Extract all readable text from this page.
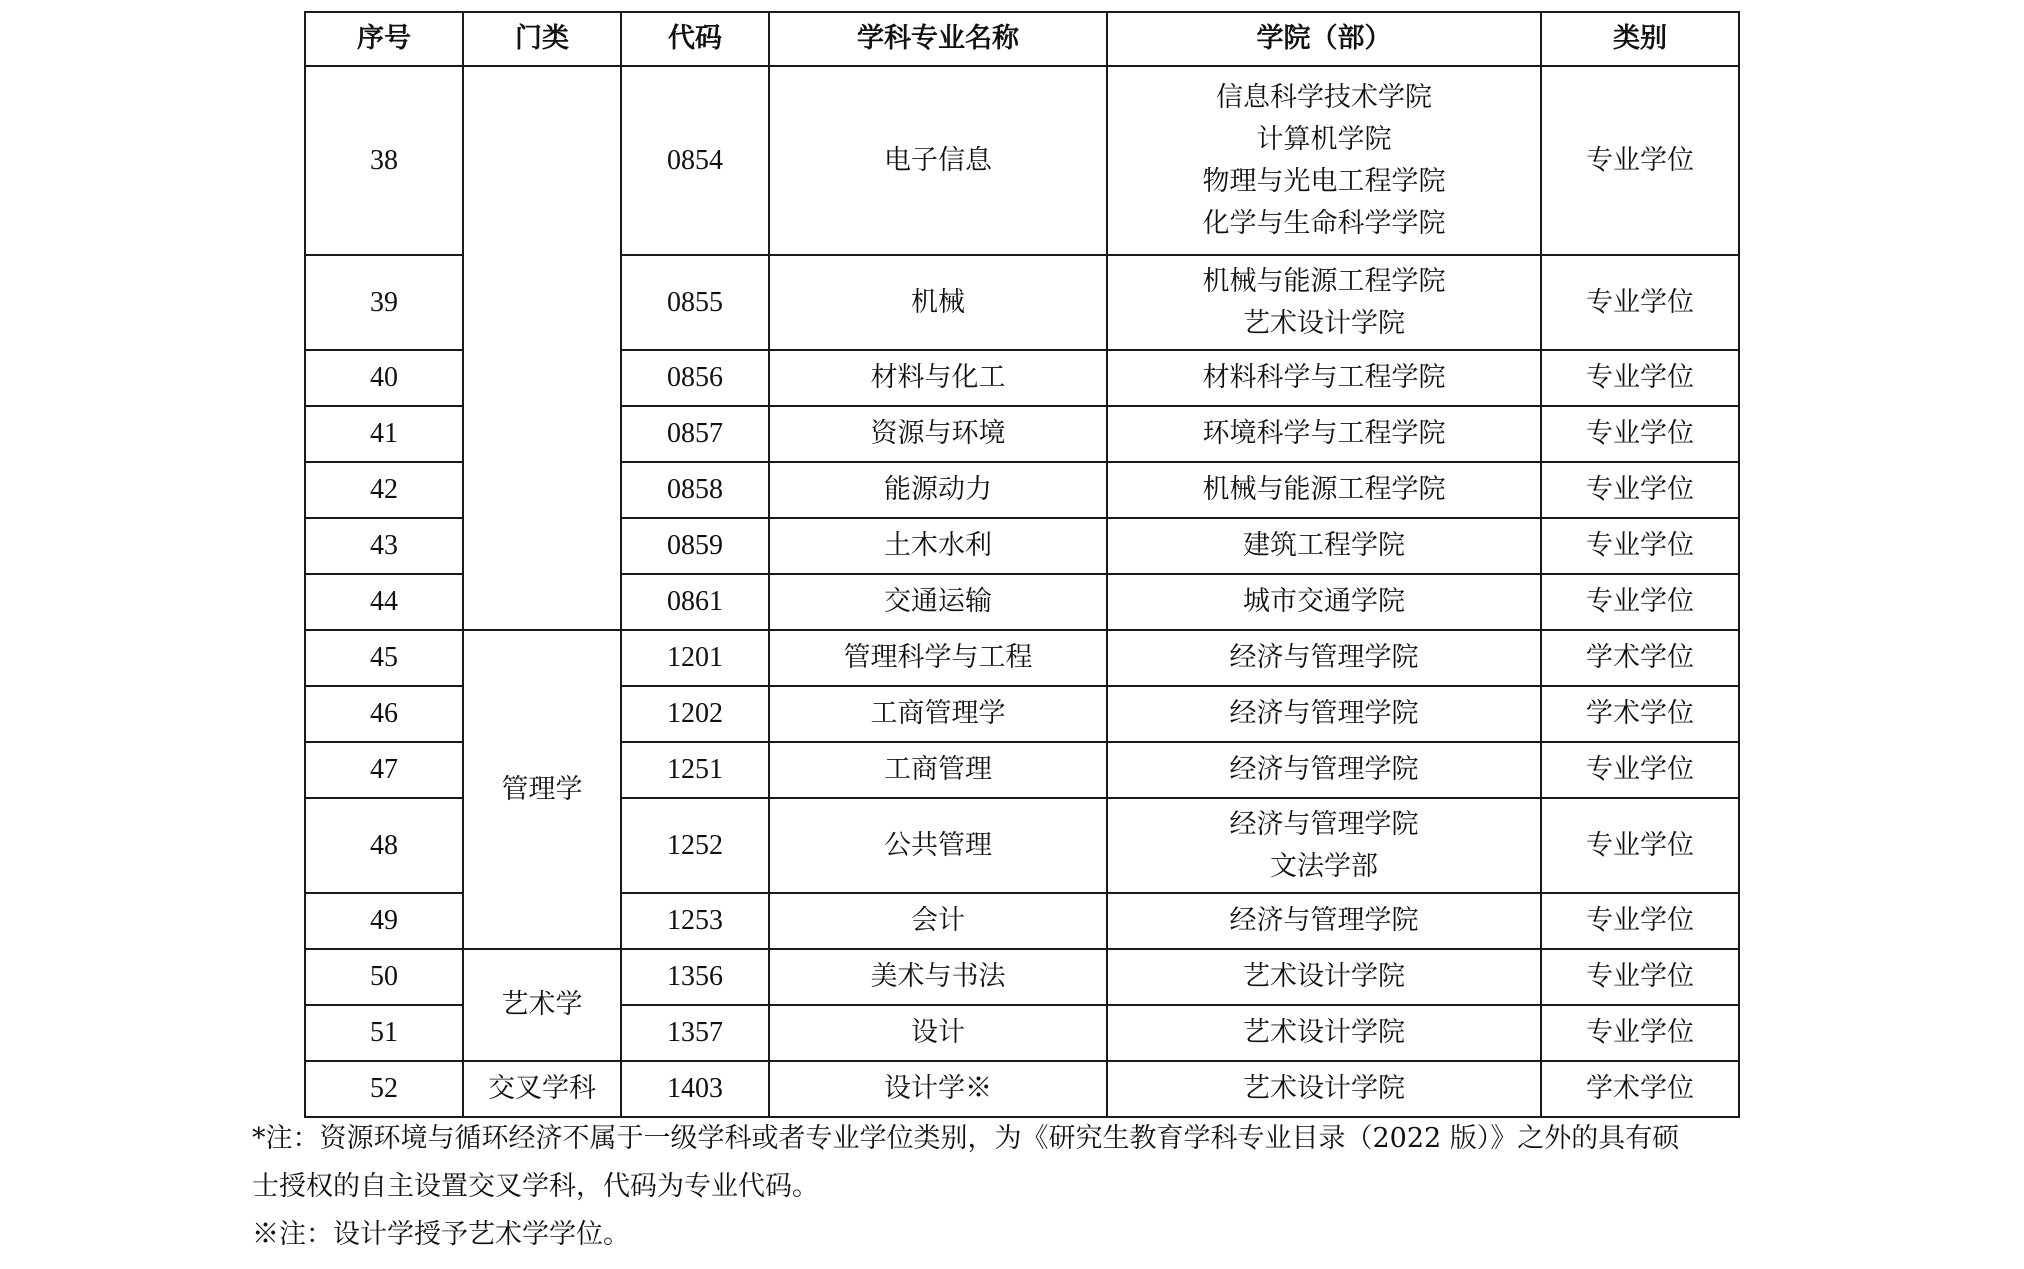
序号	门类	代码	学科专业名称	学院（部）	类别
38		0854	电子信息	信息科学技术学院
计算机学院
物理与光电工程学院
化学与生命科学学院	专业学位
39		0855	机械	机械与能源工程学院
艺术设计学院	专业学位
40		0856	材料与化工	材料科学与工程学院	专业学位
41		0857	资源与环境	环境科学与工程学院	专业学位
42		0858	能源动力	机械与能源工程学院	专业学位
43		0859	土木水利	建筑工程学院	专业学位
44		0861	交通运输	城市交通学院	专业学位
45	管理学	1201	管理科学与工程	经济与管理学院	学术学位
46		1202	工商管理学	经济与管理学院	学术学位
47		1251	工商管理	经济与管理学院	专业学位
48		1252	公共管理	经济与管理学院
文法学部	专业学位
49		1253	会计	经济与管理学院	专业学位
50	艺术学	1356	美术与书法	艺术设计学院	专业学位
51		1357	设计	艺术设计学院	专业学位
52	交叉学科	1403	设计学※	艺术设计学院	学术学位

*注：资源环境与循环经济不属于一级学科或者专业学位类别，为《研究生教育学科专业目录（2022 版）》之外的具有硕

士授权的自主设置交叉学科，代码为专业代码。

※注：设计学授予艺术学学位。
